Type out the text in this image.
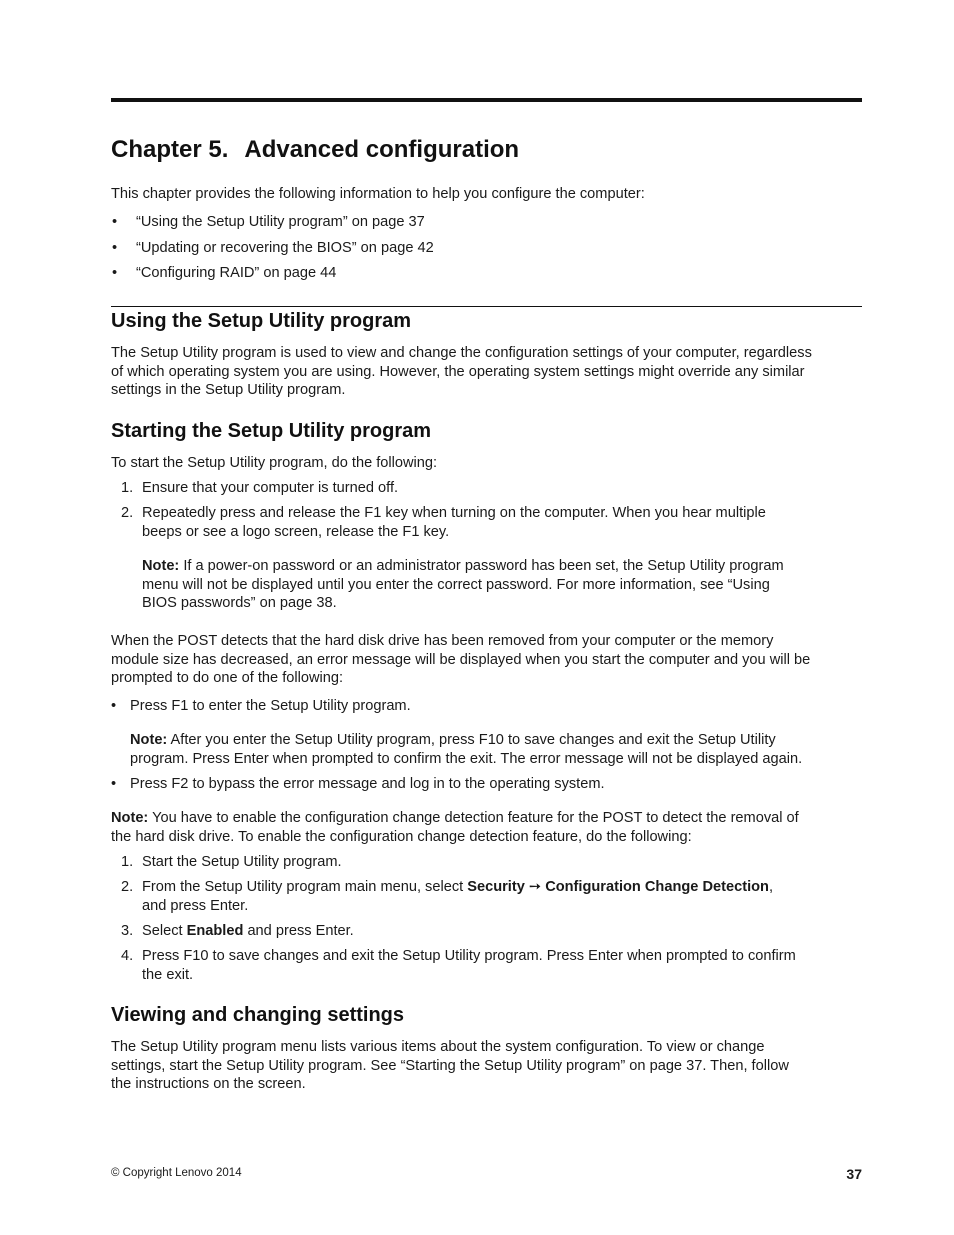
Chapter 5. Advanced configuration

This chapter provides the following information to help you configure the computer:

• “Using the Setup Utility program” on page 37
• “Updating or recovering the BIOS” on page 42
• “Configuring RAID” on page 44
Using the Setup Utility program

The Setup Utility program is used to view and change the configuration settings of your computer, regardless

of which operating system you are using. However, the operating system settings might override any similar

settings in the Setup Utility program.

Starting the Setup Utility program

To start the Setup Utility program, do the following:

1. Ensure that your computer is turned off.
2. Repeatedly press and release the F1 key when turning on the computer. When you hear multiple
beeps or see a logo screen, release the F1 key.

Note: If a power-on password or an administrator password has been set, the Setup Utility program

menu will not be displayed until you enter the correct password. For more information, see “Using

BIOS passwords” on page 38.

When the POST detects that the hard disk drive has been removed from your computer or the memory

module size has decreased, an error message will be displayed when you start the computer and you will be

prompted to do one of the following:

• Press F1 to enter the Setup Utility program.

Note: After you enter the Setup Utility program, press F10 to save changes and exit the Setup Utility

program. Press Enter when prompted to confirm the exit. The error message will not be displayed again.

• Press F2 to bypass the error message and log in to the operating system.

Note: You have to enable the configuration change detection feature for the POST to detect the removal of

the hard disk drive. To enable the configuration change detection feature, do the following:

1. Start the Setup Utility program.
2. From the Setup Utility program main menu, select Security ➙ Configuration Change Detection,
and press Enter.
3. Select Enabled and press Enter.
4. Press F10 to save changes and exit the Setup Utility program. Press Enter when prompted to confirm
the exit.
Viewing and changing settings

The Setup Utility program menu lists various items about the system configuration. To view or change

settings, start the Setup Utility program. See “Starting the Setup Utility program” on page 37. Then, follow

the instructions on the screen.

© Copyright Lenovo 2014	37
